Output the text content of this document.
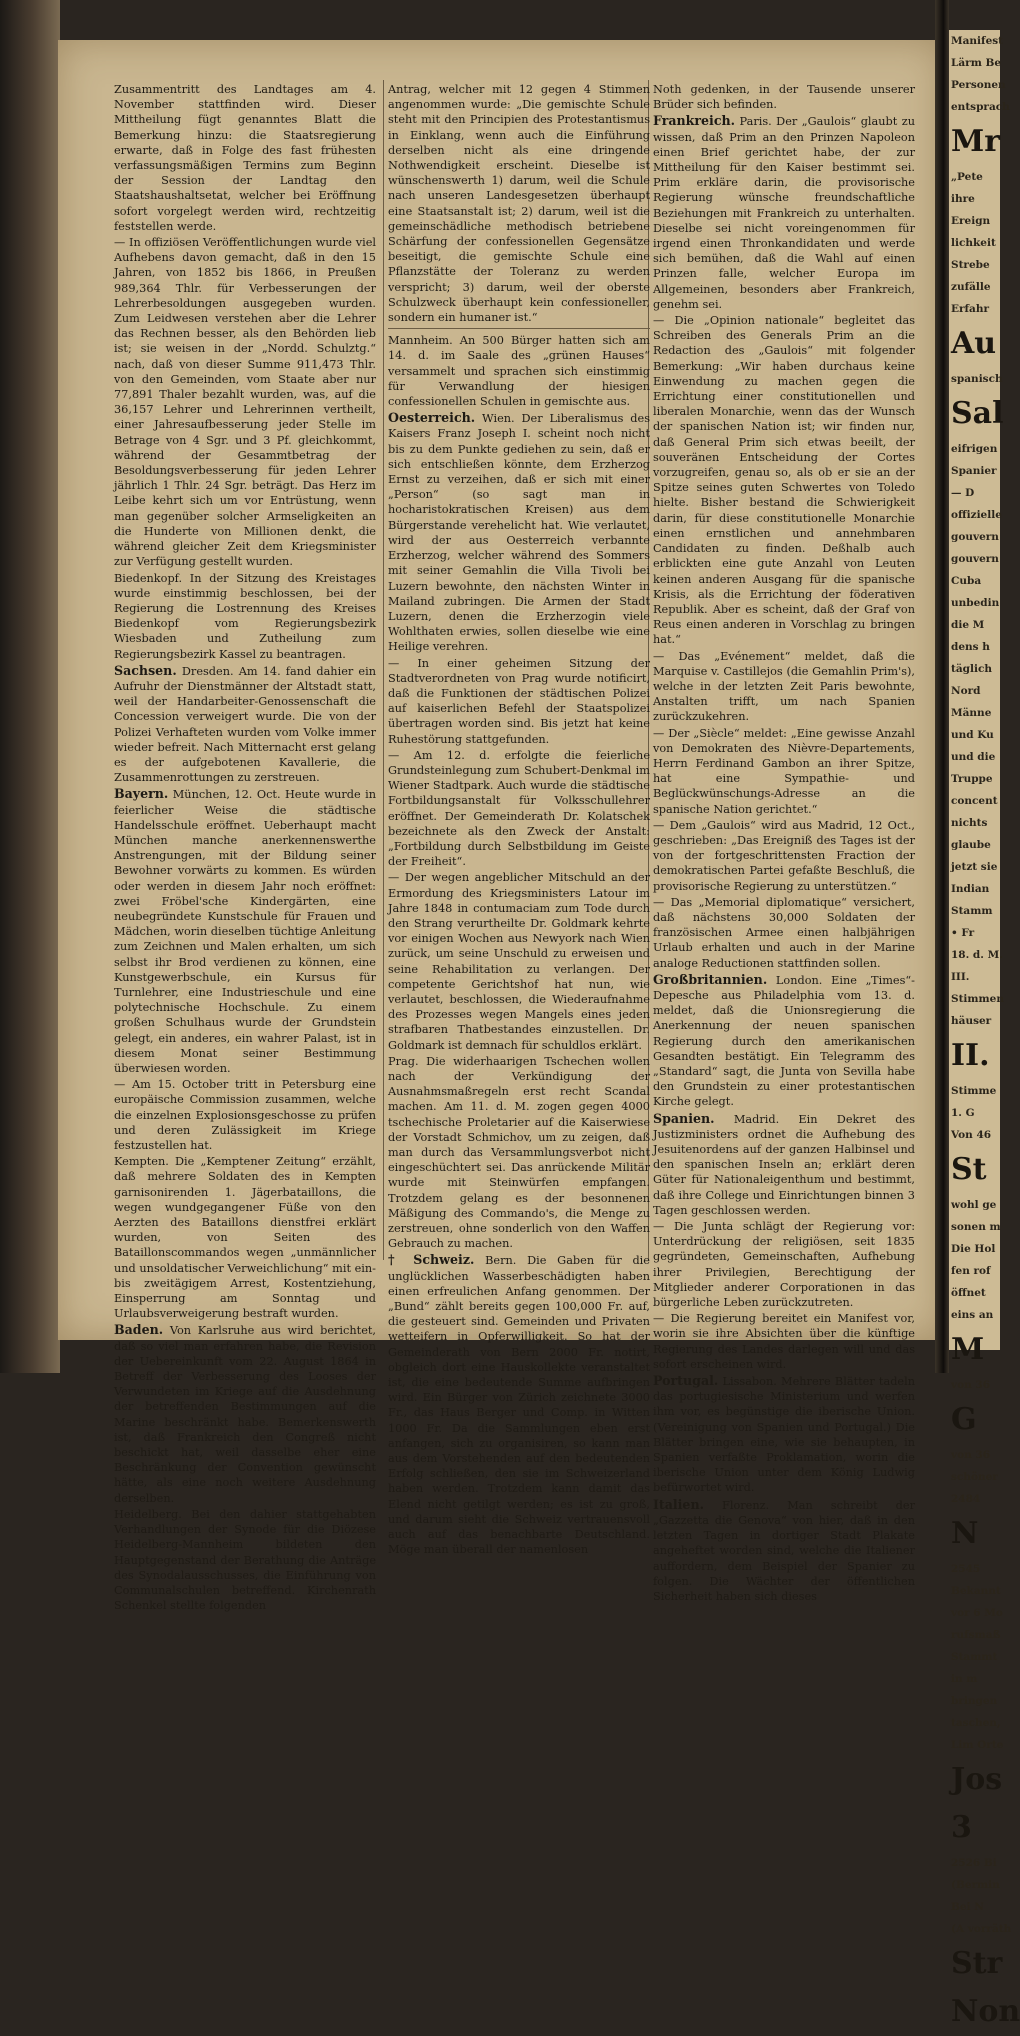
Zusammentritt des Landtages am 4. November stattfinden wird. Dieser Mittheilung fügt genanntes Blatt die Bemerkung hinzu: die Staatsregierung erwarte, daß in Folge des fast frühesten verfassungsmäßigen Termins zum Beginn der Session der Landtag den Staatshaushaltsetat, welcher bei Eröffnung sofort vorgelegt werden wird, rechtzeitig feststellen werde.

— In offiziösen Veröffentlichungen wurde viel Aufhebens davon gemacht, daß in den 15 Jahren, von 1852 bis 1866, in Preußen 989,364 Thlr. für Verbesserungen der Lehrerbesoldungen ausgegeben wurden. Zum Leidwesen verstehen aber die Lehrer das Rechnen besser, als den Behörden lieb ist; sie weisen in der „Nordd. Schulztg.“ nach, daß von dieser Summe 911,473 Thlr. von den Gemeinden, vom Staate aber nur 77,891 Thaler bezahlt wurden, was, auf die 36,157 Lehrer und Lehrerinnen vertheilt, einer Jahresaufbesserung jeder Stelle im Betrage von 4 Sgr. und 3 Pf. gleichkommt, während der Gesammtbetrag der Besoldungsverbesserung für jeden Lehrer jährlich 1 Thlr. 24 Sgr. beträgt. Das Herz im Leibe kehrt sich um vor Entrüstung, wenn man gegenüber solcher Armseligkeiten an die Hunderte von Millionen denkt, die während gleicher Zeit dem Kriegsminister zur Verfügung gestellt wurden.

Biedenkopf. In der Sitzung des Kreistages wurde einstimmig beschlossen, bei der Regierung die Lostrennung des Kreises Biedenkopf vom Regierungsbezirk Wiesbaden und Zutheilung zum Regierungsbezirk Kassel zu beantragen.

Sachsen. Dresden. Am 14. fand dahier ein Aufruhr der Dienstmänner der Altstadt statt, weil der Handarbeiter-Genossenschaft die Concession verweigert wurde. Die von der Polizei Verhafteten wurden vom Volke immer wieder befreit. Nach Mitternacht erst gelang es der aufgebotenen Kavallerie, die Zusammenrottungen zu zerstreuen.

Bayern. München, 12. Oct. Heute wurde in feierlicher Weise die städtische Handelsschule eröffnet. Ueberhaupt macht München manche anerkennenswerthe Anstrengungen, mit der Bildung seiner Bewohner vorwärts zu kommen. Es würden oder werden in diesem Jahr noch eröffnet: zwei Fröbel'sche Kindergärten, eine neubegründete Kunstschule für Frauen und Mädchen, worin dieselben tüchtige Anleitung zum Zeichnen und Malen erhalten, um sich selbst ihr Brod verdienen zu können, eine Kunstgewerbschule, ein Kursus für Turnlehrer, eine Industrieschule und eine polytechnische Hochschule. Zu einem großen Schulhaus wurde der Grundstein gelegt, ein anderes, ein wahrer Palast, ist in diesem Monat seiner Bestimmung überwiesen worden.

— Am 15. October tritt in Petersburg eine europäische Commission zusammen, welche die einzelnen Explosionsgeschosse zu prüfen und deren Zulässigkeit im Kriege festzustellen hat.

Kempten. Die „Kemptener Zeitung“ erzählt, daß mehrere Soldaten des in Kempten garnisonirenden 1. Jägerbataillons, die wegen wundgegangener Füße von den Aerzten des Bataillons dienstfrei erklärt wurden, von Seiten des Bataillonscommandos wegen „unmännlicher und unsoldatischer Verweichlichung“ mit ein- bis zweitägigem Arrest, Kostentziehung, Einsperrung am Sonntag und Urlaubsverweigerung bestraft wurden.

Baden. Von Karlsruhe aus wird berichtet, daß so viel man erfahren habe, die Revision der Uebereinkunft vom 22. August 1864 in Betreff der Verbesserung des Looses der Verwundeten im Kriege auf die Ausdehnung der betreffenden Bestimmungen auf die Marine beschränkt habe. Bemerkenswerth ist, daß Frankreich den Congreß nicht beschickt hat, weil dasselbe eher eine Beschränkung der Convention gewünscht hätte, als eine noch weitere Ausdehnung derselben.

Heidelberg. Bei den dahier stattgehabten Verhandlungen der Synode für die Diözese Heidelberg-Mannheim bildeten den Hauptgegenstand der Berathung die Anträge des Synodalausschusses, die Einführung von Communalschulen betreffend. Kirchenrath Schenkel stellte folgenden

Antrag, welcher mit 12 gegen 4 Stimmen angenommen wurde: „Die gemischte Schule steht mit den Principien des Protestantismus in Einklang, wenn auch die Einführung derselben nicht als eine dringende Nothwendigkeit erscheint. Dieselbe ist wünschenswerth 1) darum, weil die Schule nach unseren Landesgesetzen überhaupt eine Staatsanstalt ist; 2) darum, weil ist die gemeinschädliche methodisch betriebene Schärfung der confessionellen Gegensätze beseitigt, die gemischte Schule eine Pflanzstätte der Toleranz zu werden verspricht; 3) darum, weil der oberste Schulzweck überhaupt kein confessioneller, sondern ein humaner ist.“

Mannheim. An 500 Bürger hatten sich am 14. d. im Saale des „grünen Hauses“ versammelt und sprachen sich einstimmig für Verwandlung der hiesigen confessionellen Schulen in gemischte aus.

Oesterreich. Wien. Der Liberalismus des Kaisers Franz Joseph I. scheint noch nicht bis zu dem Punkte gediehen zu sein, daß er sich entschließen könnte, dem Erzherzog Ernst zu verzeihen, daß er sich mit einer „Person“ (so sagt man in hocharistokratischen Kreisen) aus dem Bürgerstande verehelicht hat. Wie verlautet, wird der aus Oesterreich verbannte Erzherzog, welcher während des Sommers mit seiner Gemahlin die Villa Tivoli bei Luzern bewohnte, den nächsten Winter in Mailand zubringen. Die Armen der Stadt Luzern, denen die Erzherzogin viele Wohlthaten erwies, sollen dieselbe wie eine Heilige verehren.

— In einer geheimen Sitzung der Stadtverordneten von Prag wurde notificirt, daß die Funktionen der städtischen Polizei auf kaiserlichen Befehl der Staatspolizei übertragen worden sind. Bis jetzt hat keine Ruhestörung stattgefunden.

— Am 12. d. erfolgte die feierliche Grundsteinlegung zum Schubert-Denkmal im Wiener Stadtpark. Auch wurde die städtische Fortbildungsanstalt für Volksschullehrer eröffnet. Der Gemeinderath Dr. Kolatschek bezeichnete als den Zweck der Anstalt: „Fortbildung durch Selbstbildung im Geiste der Freiheit“.

— Der wegen angeblicher Mitschuld an der Ermordung des Kriegsministers Latour im Jahre 1848 in contumaciam zum Tode durch den Strang verurtheilte Dr. Goldmark kehrte vor einigen Wochen aus Newyork nach Wien zurück, um seine Unschuld zu erweisen und seine Rehabilitation zu verlangen. Der competente Gerichtshof hat nun, wie verlautet, beschlossen, die Wiederaufnahme des Prozesses wegen Mangels eines jeden strafbaren Thatbestandes einzustellen. Dr. Goldmark ist demnach für schuldlos erklärt.

Prag. Die widerhaarigen Tschechen wollen nach der Verkündigung der Ausnahmsmaßregeln erst recht Scandal machen. Am 11. d. M. zogen gegen 4000 tschechische Proletarier auf die Kaiserwiese der Vorstadt Schmichov, um zu zeigen, daß man durch das Versammlungsverbot nicht eingeschüchtert sei. Das anrückende Militär wurde mit Steinwürfen empfangen. Trotzdem gelang es der besonnenen Mäßigung des Commando's, die Menge zu zerstreuen, ohne sonderlich von den Waffen Gebrauch zu machen.

† Schweiz. Bern. Die Gaben für die unglücklichen Wasserbeschädigten haben einen erfreulichen Anfang genommen. Der „Bund“ zählt bereits gegen 100,000 Fr. auf, die gesteuert sind. Gemeinden und Privaten wetteifern in Opferwilligkeit. So hat der Gemeinderath von Bern 2000 Fr. notirt, obgleich dort eine Hauskollekte veranstaltet ist, die eine bedeutende Summe aufbringen wird. Ein Bürger von Zürich zeichnete 3000 Fr., das Haus Berger und Comp. in Witten 1000 Fr. Da die Sammlungen eben erst anfangen, sich zu organisiren, so kann man aus dem Vorstehenden auf den bedeutenden Erfolg schließen, den sie im Schweizerland haben werden. Trotzdem kann damit das Elend nicht getilgt werden; es ist zu groß, und darum sieht die Schweiz vertrauensvoll auch auf das benachbarte Deutschland. Möge man überall der namenlosen

Noth gedenken, in der Tausende unserer Brüder sich befinden.

Frankreich. Paris. Der „Gaulois“ glaubt zu wissen, daß Prim an den Prinzen Napoleon einen Brief gerichtet habe, der zur Mittheilung für den Kaiser bestimmt sei. Prim erkläre darin, die provisorische Regierung wünsche freundschaftliche Beziehungen mit Frankreich zu unterhalten. Dieselbe sei nicht voreingenommen für irgend einen Thronkandidaten und werde sich bemühen, daß die Wahl auf einen Prinzen falle, welcher Europa im Allgemeinen, besonders aber Frankreich, genehm sei.

— Die „Opinion nationale“ begleitet das Schreiben des Generals Prim an die Redaction des „Gaulois“ mit folgender Bemerkung: „Wir haben durchaus keine Einwendung zu machen gegen die Errichtung einer constitutionellen und liberalen Monarchie, wenn das der Wunsch der spanischen Nation ist; wir finden nur, daß General Prim sich etwas beeilt, der souveränen Entscheidung der Cortes vorzugreifen, genau so, als ob er sie an der Spitze seines guten Schwertes von Toledo hielte. Bisher bestand die Schwierigkeit darin, für diese constitutionelle Monarchie einen ernstlichen und annehmbaren Candidaten zu finden. Deßhalb auch erblickten eine gute Anzahl von Leuten keinen anderen Ausgang für die spanische Krisis, als die Errichtung der föderativen Republik. Aber es scheint, daß der Graf von Reus einen anderen in Vorschlag zu bringen hat.“

— Das „Evénement“ meldet, daß die Marquise v. Castillejos (die Gemahlin Prim's), welche in der letzten Zeit Paris bewohnte, Anstalten trifft, um nach Spanien zurückzukehren.

— Der „Siècle“ meldet: „Eine gewisse Anzahl von Demokraten des Nièvre-Departements, Herrn Ferdinand Gambon an ihrer Spitze, hat eine Sympathie- und Beglückwünschungs-Adresse an die spanische Nation gerichtet.“

— Dem „Gaulois“ wird aus Madrid, 12 Oct., geschrieben: „Das Ereigniß des Tages ist der von der fortgeschrittensten Fraction der demokratischen Partei gefaßte Beschluß, die provisorische Regierung zu unterstützen.“

— Das „Memorial diplomatique“ versichert, daß nächstens 30,000 Soldaten der französischen Armee einen halbjährigen Urlaub erhalten und auch in der Marine analoge Reductionen stattfinden sollen.

Großbritannien. London. Eine „Times“-Depesche aus Philadelphia vom 13. d. meldet, daß die Unionsregierung die Anerkennung der neuen spanischen Regierung durch den amerikanischen Gesandten bestätigt. Ein Telegramm des „Standard“ sagt, die Junta von Sevilla habe den Grundstein zu einer protestantischen Kirche gelegt.

Spanien. Madrid. Ein Dekret des Justizministers ordnet die Aufhebung des Jesuitenordens auf der ganzen Halbinsel und den spanischen Inseln an; erklärt deren Güter für Nationaleigenthum und bestimmt, daß ihre College und Einrichtungen binnen 3 Tagen geschlossen werden.

— Die Junta schlägt der Regierung vor: Unterdrückung der religiösen, seit 1835 gegründeten, Gemeinschaften, Aufhebung ihrer Privilegien, Berechtigung der Mitglieder anderer Corporationen in das bürgerliche Leben zurückzutreten.

— Die Regierung bereitet ein Manifest vor, worin sie ihre Absichten über die künftige Regierung des Landes darlegen will und das sofort erscheinen wird.

Portugal. Lissabon. Mehrere Blätter tadeln das portugiesische Ministerium und werfen ihm vor, es begünstige die iberische Union. (Vereinigung von Spanien und Portugal.) Die Blätter bringen eine, wie sie behaupten, in Spanien verfaßte Proklamation, worin die iberische Union unter dem König Ludwig befürwortet wird.

Italien. Florenz. Man schreibt der „Gazzetta die Genova“ von hier, daß in den letzten Tagen in dortiger Stadt Plakate angeheftet worden sind, welche die Italiener auffordern, dem Beispiel der Spanier zu folgen. Die Wächter der öffentlichen Sicherheit haben sich dieses

Manifest
Lärm Be
Personen
entsprach
Mr
„Pete
ihre
Ereign
lichkeit
Strebe
zufälle
Erfahr
Au
spanisch
Sal
eifrigen
Spanier
— D
offizielle
gouvern
gouvern
Cuba
unbedin
die M
dens h
täglich
Nord
Männe
und Ku
und die
Truppe
concent
nichts
glaube
jetzt sie
Indian
Stamm
• Fr
18. d. M.
III.
Stimmen
häuser
II.
Stimme
1. G
Von 46
St
wohl ge
sonen m
Die Hol
fen rof
öffnet
eins an
M
von 36
G
von 36
schöner
2484
N
2545
Bekannt
vor 6 Mo
rufsmaß
Stammt
in m
bringen
taschen,
Lim Orte
Jos
3
2526 Bi
(Bermin
Bei N
(A vorräth
Str
Non
